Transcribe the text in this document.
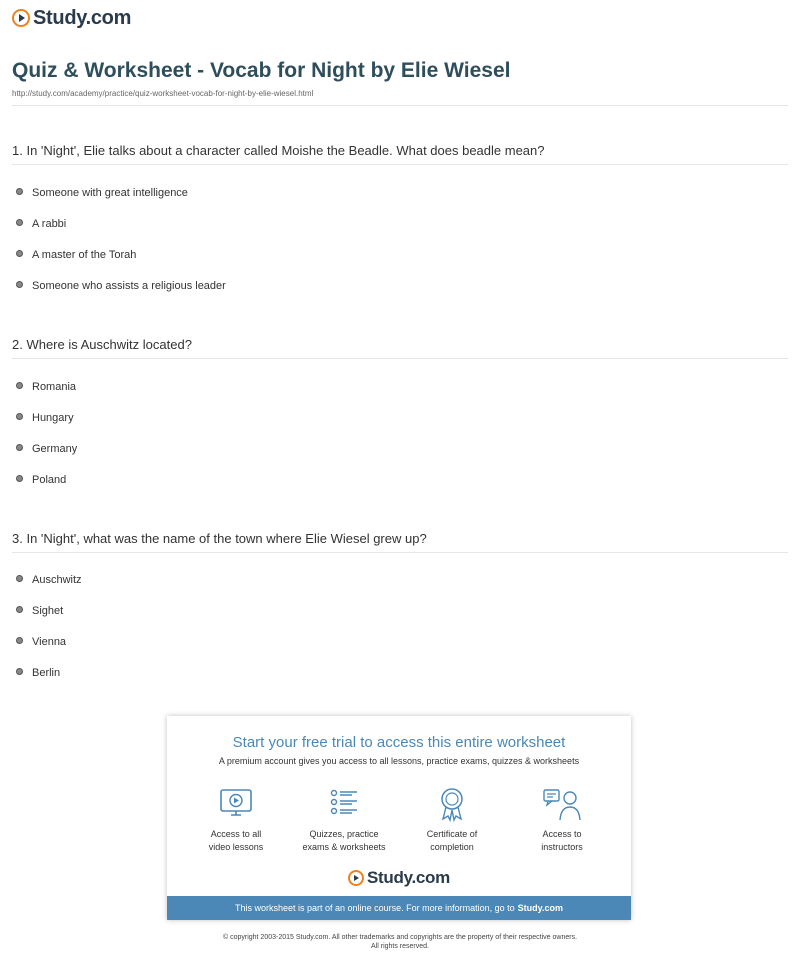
Study.com
Quiz & Worksheet - Vocab for Night by Elie Wiesel
http://study.com/academy/practice/quiz-worksheet-vocab-for-night-by-elie-wiesel.html
1. In 'Night', Elie talks about a character called Moishe the Beadle. What does beadle mean?
Someone with great intelligence
A rabbi
A master of the Torah
Someone who assists a religious leader
2. Where is Auschwitz located?
Romania
Hungary
Germany
Poland
3. In 'Night', what was the name of the town where Elie Wiesel grew up?
Auschwitz
Sighet
Vienna
Berlin
Start your free trial to access this entire worksheet
A premium account gives you access to all lessons, practice exams, quizzes & worksheets
Access to all
video lessons
Quizzes, practice
exams & worksheets
Certificate of
completion
Access to
instructors
Study.com
This worksheet is part of an online course. For more information, go to Study.com
© copyright 2003-2015 Study.com. All other trademarks and copyrights are the property of their respective owners.
All rights reserved.
